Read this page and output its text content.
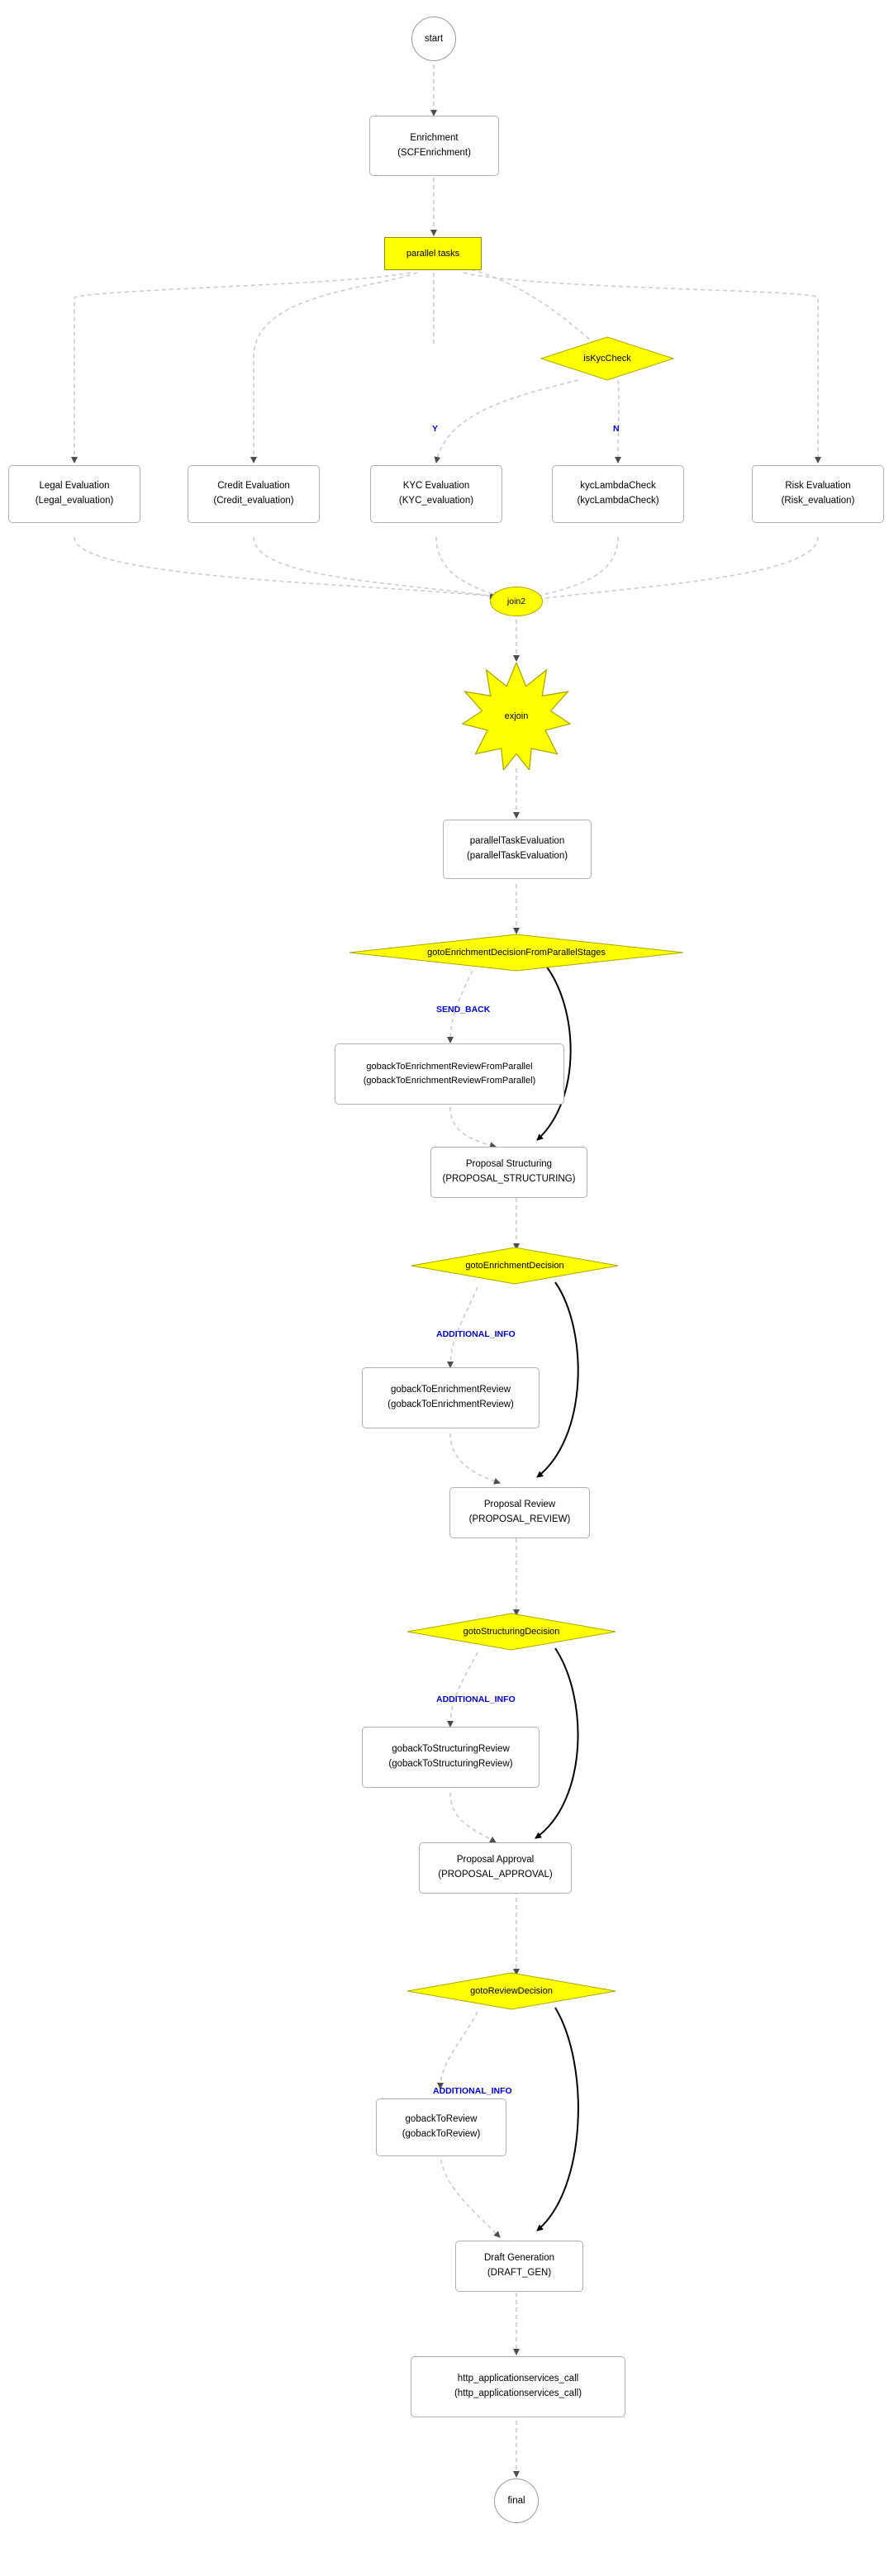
start
Enrichment
(SCFEnrichment)
parallel tasks
isKycCheck
Y	N
Legal Evaluation
(Legal_evaluation)
Credit Evaluation
(Credit_evaluation)
KYC Evaluation
(KYC_evaluation)
kycLambdaCheck
(kycLambdaCheck)
Risk Evaluation
(Risk_evaluation)
join2
exjoin
parallelTaskEvaluation
(parallelTaskEvaluation)
gotoEnrichmentDecisionFromParallelStages
SEND_BACK
gobackToEnrichmentReviewFromParallel
(gobackToEnrichmentReviewFromParallel)
Proposal Structuring
(PROPOSAL_STRUCTURING)
gotoEnrichmentDecision
ADDITIONAL_INFO
gobackToEnrichmentReview
(gobackToEnrichmentReview)
Proposal Review
(PROPOSAL_REVIEW)
gotoStructuringDecision
ADDITIONAL_INFO
gobackToStructuringReview
(gobackToStructuringReview)
Proposal Approval
(PROPOSAL_APPROVAL)
gotoReviewDecision
ADDITIONAL_INFO
gobackToReview
(gobackToReview)
Draft Generation
(DRAFT_GEN)
http_applicationservices_call
(http_applicationservices_call)
final
